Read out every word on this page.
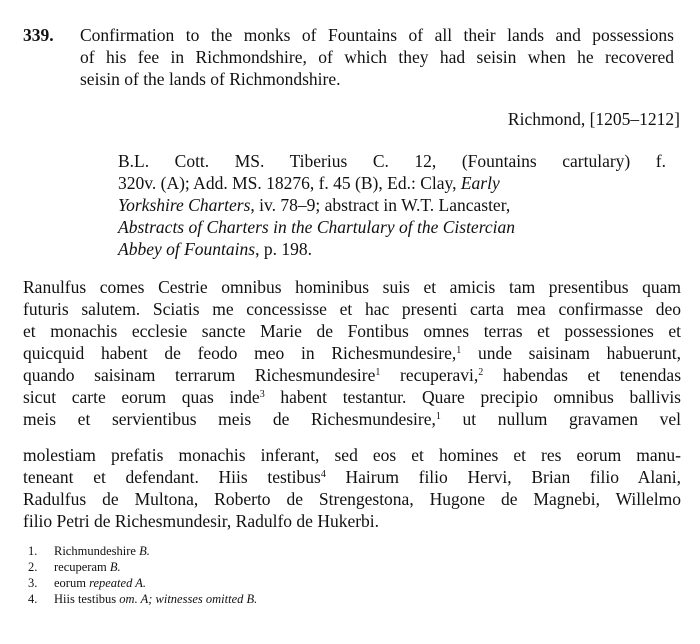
339. Confirmation to the monks of Fountains of all their lands and possessions
of his fee in Richmondshire, of which they had seisin when he recovered
seisin of the lands of Richmondshire.
Richmond, [1205–1212]
B.L. Cott. MS. Tiberius C. 12, (Fountains cartulary) f.
320v. (A); Add. MS. 18276, f. 45 (B), Ed.: Clay, Early
Yorkshire Charters, iv. 78–9; abstract in W.T. Lancaster,
Abstracts of Charters in the Chartulary of the Cistercian
Abbey of Fountains, p. 198.
Ranulfus comes Cestrie omnibus hominibus suis et amicis tam presentibus quam
futuris salutem. Sciatis me concessisse et hac presenti carta mea confirmasse deo
et monachis ecclesie sancte Marie de Fontibus omnes terras et possessiones et
quicquid habent de feodo meo in Richesmundesire,$^1$ unde saisinam habuerunt,
quando saisinam terrarum Richesmundesire$^1$ recuperavi,$^2$ habendas et tenendas
sicut carte eorum quas inde$^3$ habent testantur. Quare precipio omnibus ballivis
meis et servientibus meis de Richesmundesire,$^1$ ut nullum gravamen vel
molestiam prefatis monachis inferant, sed eos et homines et res eorum manu-
teneant et defendant. Hiis testibus$^4$ Hairum filio Hervi, Brian filio Alani,
Radulfus de Multona, Roberto de Strengestona, Hugone de Magnebi, Willelmo
filio Petri de Richesmundesir, Radulfo de Hukerbi.
1. Richmundeshire B.
2. recuperam B.
3. eorum repeated A.
4. Hiis testibus om. A; witnesses omitted B.
